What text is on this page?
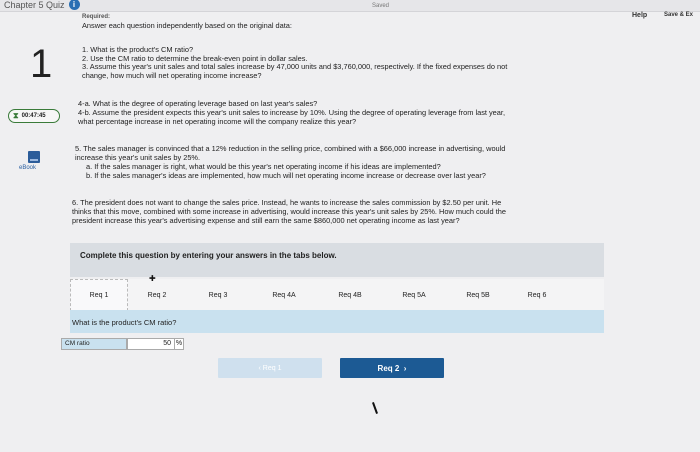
Chapter 5 Quiz	i	Saved
Help	Save & Ex
1
⧗ 00:47:45
eBook
Required:
Answer each question independently based on the original data:
1. What is the product's CM ratio?
2. Use the CM ratio to determine the break-even point in dollar sales.
3. Assume this year's unit sales and total sales increase by 47,000 units and $3,760,000, respectively. If the fixed expenses do not
change, how much will net operating income increase?
4-a. What is the degree of operating leverage based on last year's sales?
4-b. Assume the president expects this year's unit sales to increase by 10%. Using the degree of operating leverage from last year,
what percentage increase in net operating income will the company realize this year?
5. The sales manager is convinced that a 12% reduction in the selling price, combined with a $66,000 increase in advertising, would
increase this year's unit sales by 25%.
a. If the sales manager is right, what would be this year's net operating income if his ideas are implemented?
b. If the sales manager's ideas are implemented, how much will net operating income increase or decrease over last year?
6. The president does not want to change the sales price. Instead, he wants to increase the sales commission by $2.50 per unit. He
thinks that this move, combined with some increase in advertising, would increase this year's unit sales by 25%. How much could the
president increase this year's advertising expense and still earn the same $860,000 net operating income as last year?
Complete this question by entering your answers in the tabs below.
Req 1	Req 2	Req 3	Req 4A	Req 4B	Req 5A	Req 5B	Req 6
✚
What is the product's CM ratio?
CM ratio	50 %
‹ Req 1	Req 2 ›
